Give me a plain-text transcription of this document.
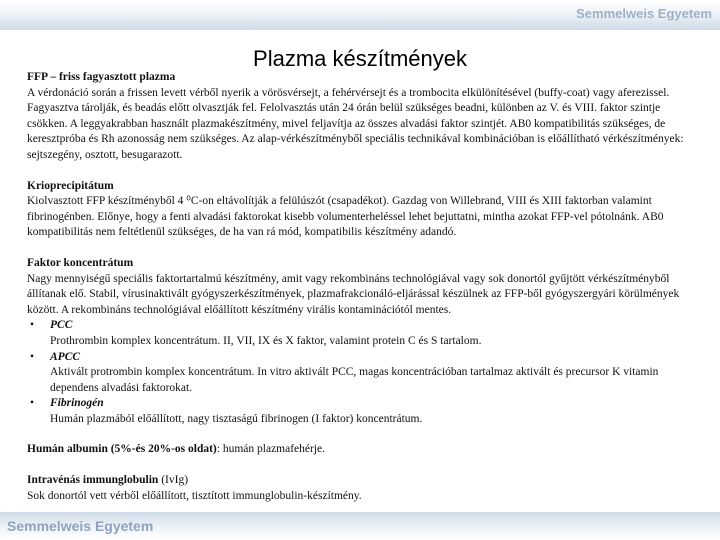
Semmelweis Egyetem
Plazma készítmények

FFP – friss fagyasztott plazma

A vérdonáció során a frissen levett vérből nyerik a vörösvérsejt, a fehérvérsejt és a trombocita elkülönítésével (buffy-coat) vagy aferezissel. Fagyasztva tárolják, és beadás előtt olvasztják fel. Felolvasztás után 24 órán belül szükséges beadni, különben az V. és VIII. faktor szintje csökken. A leggyakrabban használt plazmakészítmény, mivel feljavítja az összes alvadási faktor szintjét. AB0 kompatibilitás szükséges, de keresztpróba és Rh azonosság nem szükséges. Az alap-vérkészítményből speciális technikával kombinációban is előállítható vérkészítmények: sejtszegény, osztott, besugarazott.

Krioprecipitátum

Kiolvasztott FFP készítményből 4 ⁰C-on eltávolítják a felülúszót (csapadékot). Gazdag von Willebrand, VIII és XIII faktorban valamint fibrinogénben. Előnye, hogy a fenti alvadási faktorokat kisebb volumenterheléssel lehet bejuttatni, mintha azokat FFP-vel pótolnánk. AB0 kompatibilitás nem feltétlenül szükséges, de ha van rá mód, kompatibilis készítmény adandó.

Faktor koncentrátum

Nagy mennyiségű speciális faktortartalmú készítmény, amit vagy rekombináns technológiával vagy sok donortól gyűjtött vérkészítményből állítanak elő. Stabil, vírusinaktivált gyógyszerkészítmények, plazmafrakcionáló-eljárással készülnek az FFP-ből gyógyszergyári körülmények között. A rekombináns technológiával előállított készítmény virális kontaminációtól mentes.

• PCC
Prothrombin komplex koncentrátum. II, VII, IX és X faktor, valamint protein C és S tartalom.
• APCC
Aktivált protrombin komplex koncentrátum. In vitro aktivált PCC, magas koncentrációban tartalmaz aktivált és precursor K vitamin dependens alvadási faktorokat.
• Fibrinogén
Humán plazmából előállított, nagy tisztaságú fibrinogen (I faktor) koncentrátum.

Humán albumin (5%-és 20%-os oldat): humán plazmafehérje.

Intravénás immunglobulin (IvIg)

Sok donortól vett vérből előállított, tisztított immunglobulin-készítmény.

Semmelweis Egyetem
